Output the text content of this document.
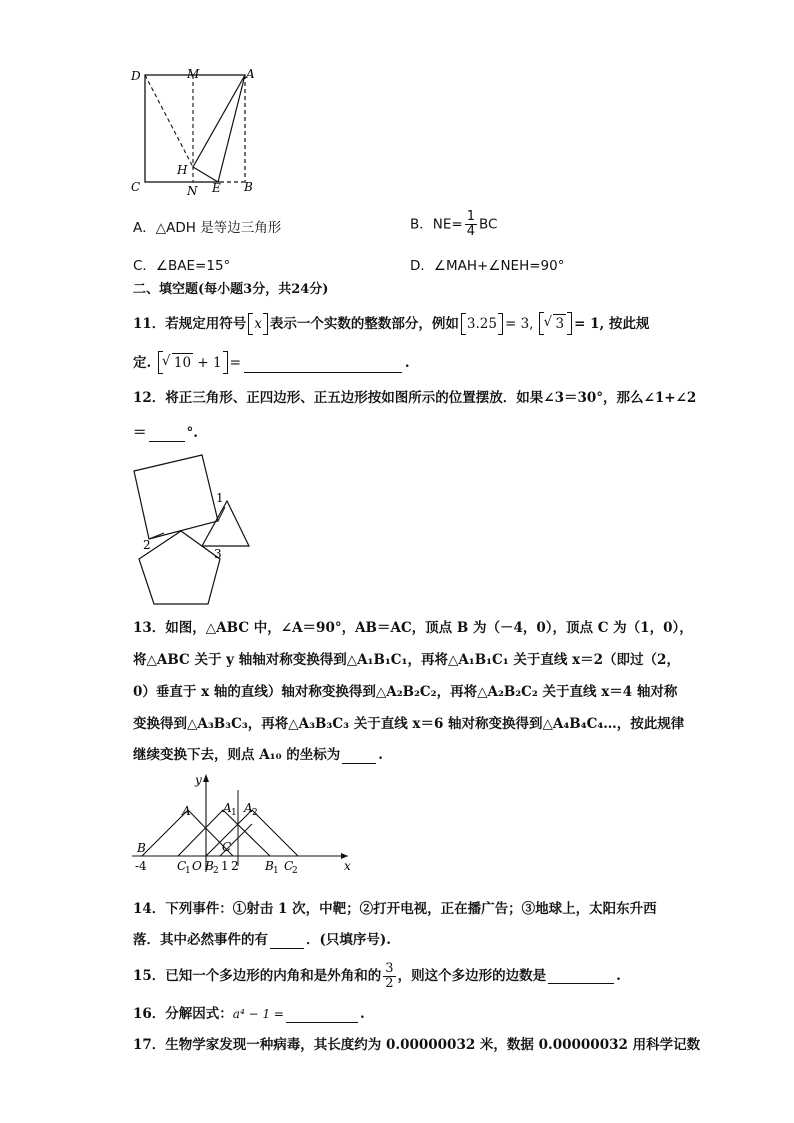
D	M	A
H
C	N E B
A．△ADH 是等边三角形	B．$NE= \frac{1}{4}$ BC
C．∠BAE=15°	D．∠MAH+∠NEH=90°
二、填空题(每小题3分，共24分)
11．若规定用符号 x 表示一个实数的整数部分，例如 3.25 = 3, √ 3 = 1, 按此规
定. √ 10 + 1 =	.
12．将正三角形、正四边形、正五边形按如图所示的位置摆放．如果∠3＝30°，那么∠1+∠2
＝	°.
1
2
3
13．如图，△ABC 中，∠A＝90°，AB＝AC，顶点 B 为（－4，0），顶点 C 为（1，0），
将△ABC 关于 y 轴轴对称变换得到△A₁B₁C₁，再将△A₁B₁C₁ 关于直线 x＝2（即过（2，
0）垂直于 x 轴的直线）轴对称变换得到△A₂B₂C₂，再将△A₂B₂C₂ 关于直线 x＝4 轴对称
变换得到△A₃B₃C₃，再将△A₃B₃C₃ 关于直线 x＝6 轴对称变换得到△A₄B₄C₄…，按此规律
继续变换下去，则点 A₁₀ 的坐标为	.
y
x
A	A 1 A 2
B
-4
C
C
1 O B 2 1 2 B 1 C
2
14．下列事件：①射击 1 次，中靶；②打开电视，正在播广告；③地球上，太阳东升西
落．其中必然事件的有	．(只填序号).
15．已知一个多边形的内角和是外角和的 $\frac{3}{2}$ ，则这个多边形的边数是	.
16．分解因式：a⁴ − 1 =	.
17．生物学家发现一种病毒，其长度约为 0.00000032 米，数据 0.00000032 用科学记数
